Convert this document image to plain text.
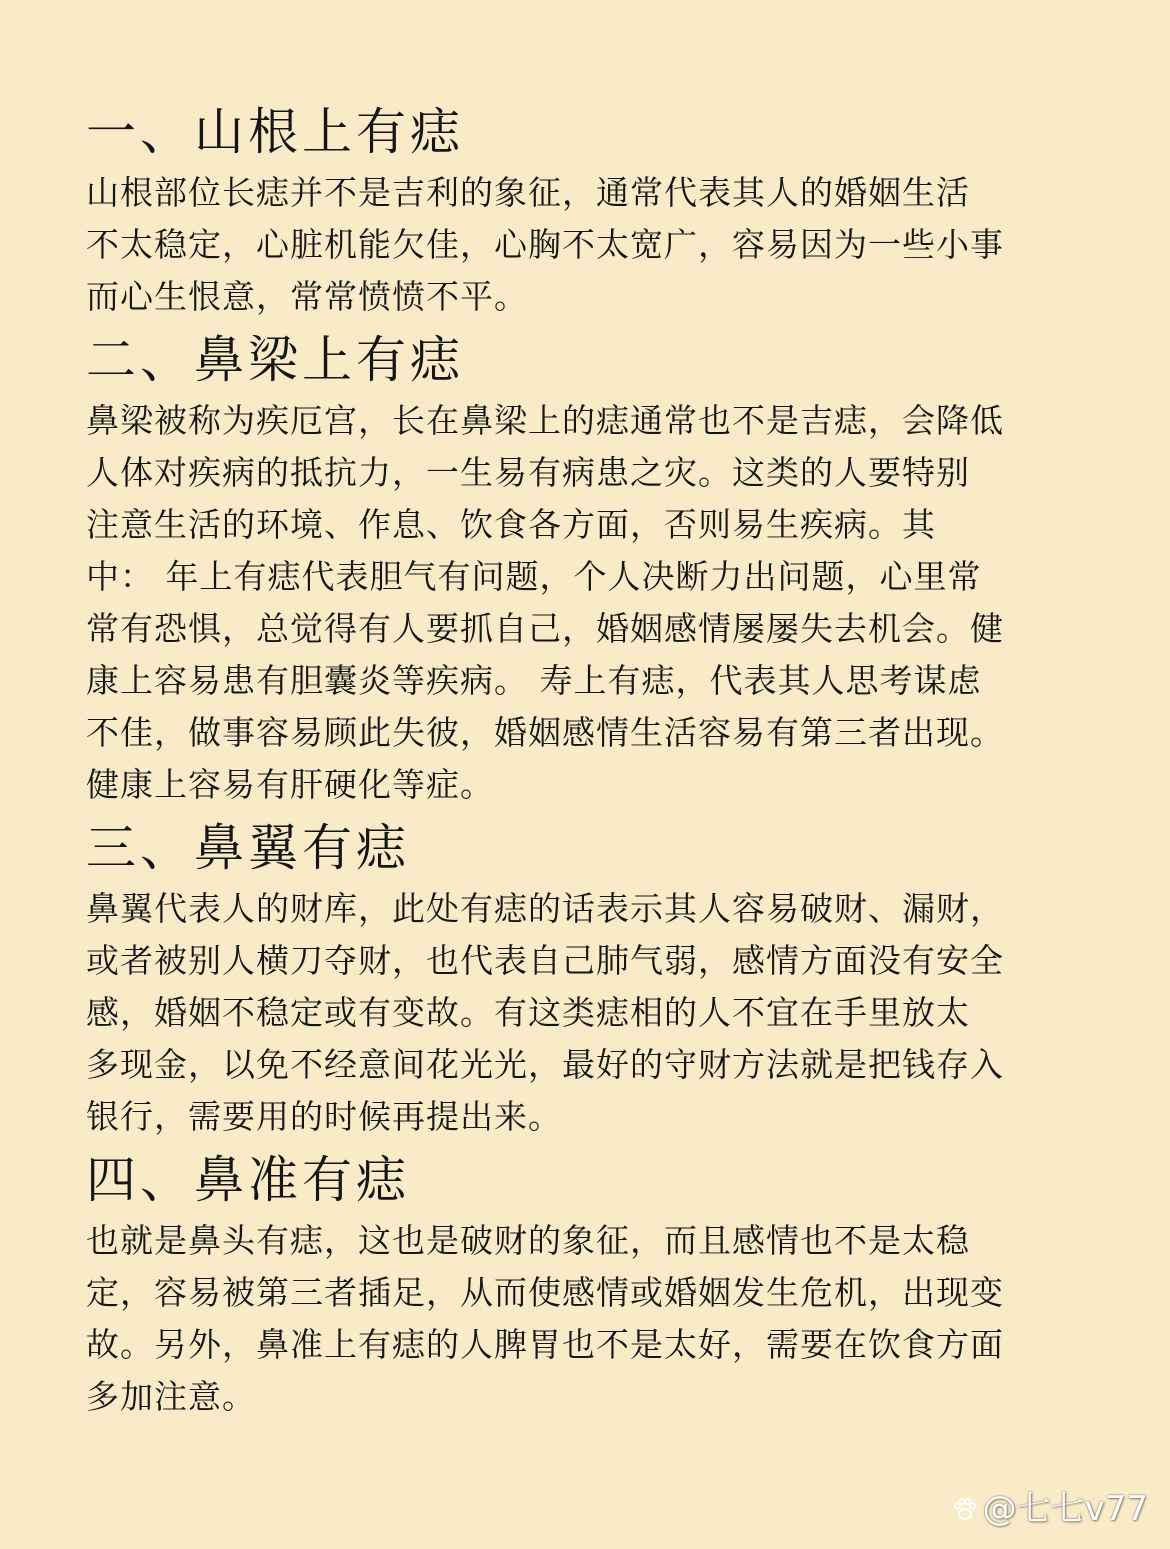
一、山根上有痣

山根部位长痣并不是吉利的象征，通常代表其人的婚姻生活
不太稳定，心脏机能欠佳，心胸不太宽广，容易因为一些小事
而心生恨意，常常愤愤不平。

二、鼻梁上有痣

鼻梁被称为疾厄宫，长在鼻梁上的痣通常也不是吉痣，会降低
人体对疾病的抵抗力，一生易有病患之灾。这类的人要特别
注意生活的环境、作息、饮食各方面，否则易生疾病。其
中： 年上有痣代表胆气有问题，个人决断力出问题，心里常
常有恐惧，总觉得有人要抓自己，婚姻感情屡屡失去机会。健
康上容易患有胆囊炎等疾病。 寿上有痣，代表其人思考谋虑
不佳，做事容易顾此失彼，婚姻感情生活容易有第三者出现。
健康上容易有肝硬化等症。

三、鼻翼有痣

鼻翼代表人的财库，此处有痣的话表示其人容易破财、漏财，
或者被别人横刀夺财，也代表自己肺气弱，感情方面没有安全
感，婚姻不稳定或有变故。有这类痣相的人不宜在手里放太
多现金，以免不经意间花光光，最好的守财方法就是把钱存入
银行，需要用的时候再提出来。

四、鼻准有痣

也就是鼻头有痣，这也是破财的象征，而且感情也不是太稳
定，容易被第三者插足，从而使感情或婚姻发生危机，出现变
故。另外，鼻准上有痣的人脾胃也不是太好，需要在饮食方面
多加注意。

@七七v77
